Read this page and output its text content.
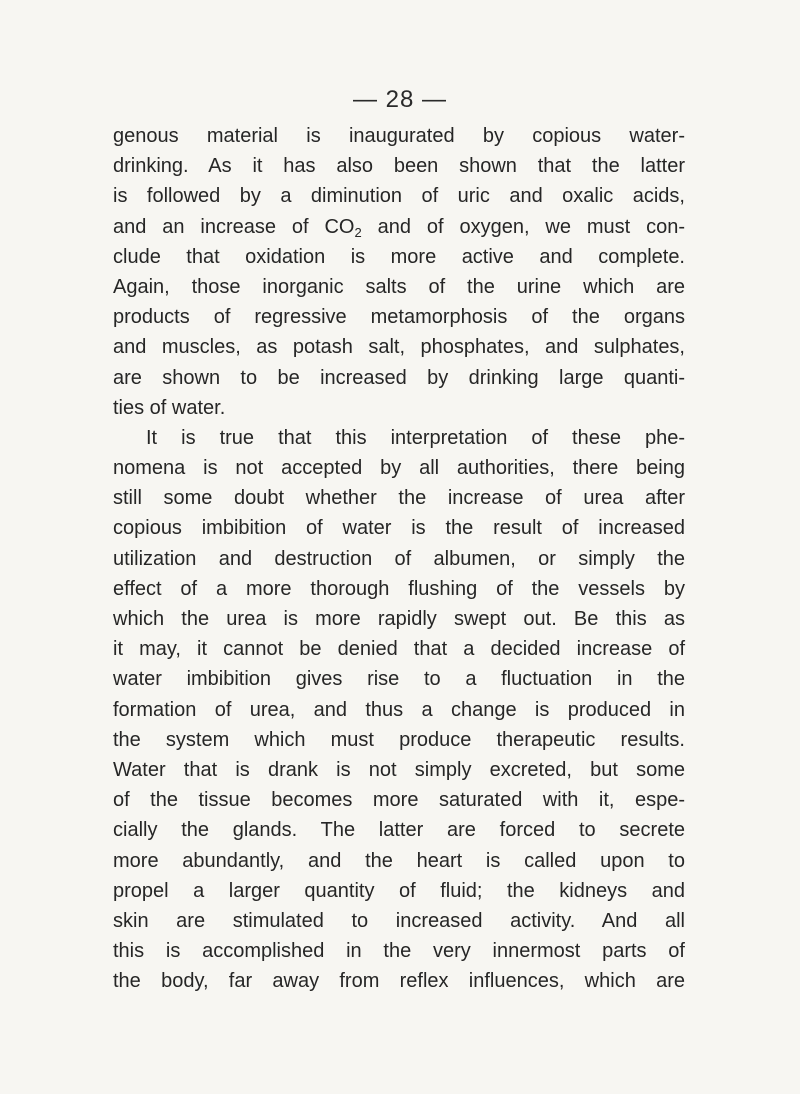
— 28 —
genous material is inaugurated by copious water-
drinking. As it has also been shown that the latter
is followed by a diminution of uric and oxalic acids,
and an increase of $CO_2$ and of oxygen, we must con-
clude that oxidation is more active and complete.
Again, those inorganic salts of the urine which are
products of regressive metamorphosis of the organs
and muscles, as potash salt, phosphates, and sulphates,
are shown to be increased by drinking large quanti-
ties of water.
It is true that this interpretation of these phe-
nomena is not accepted by all authorities, there being
still some doubt whether the increase of urea after
copious imbibition of water is the result of increased
utilization and destruction of albumen, or simply the
effect of a more thorough flushing of the vessels by
which the urea is more rapidly swept out. Be this as
it may, it cannot be denied that a decided increase of
water imbibition gives rise to a fluctuation in the
formation of urea, and thus a change is produced in
the system which must produce therapeutic results.
Water that is drank is not simply excreted, but some
of the tissue becomes more saturated with it, espe-
cially the glands. The latter are forced to secrete
more abundantly, and the heart is called upon to
propel a larger quantity of fluid; the kidneys and
skin are stimulated to increased activity. And all
this is accomplished in the very innermost parts of
the body, far away from reflex influences, which are
